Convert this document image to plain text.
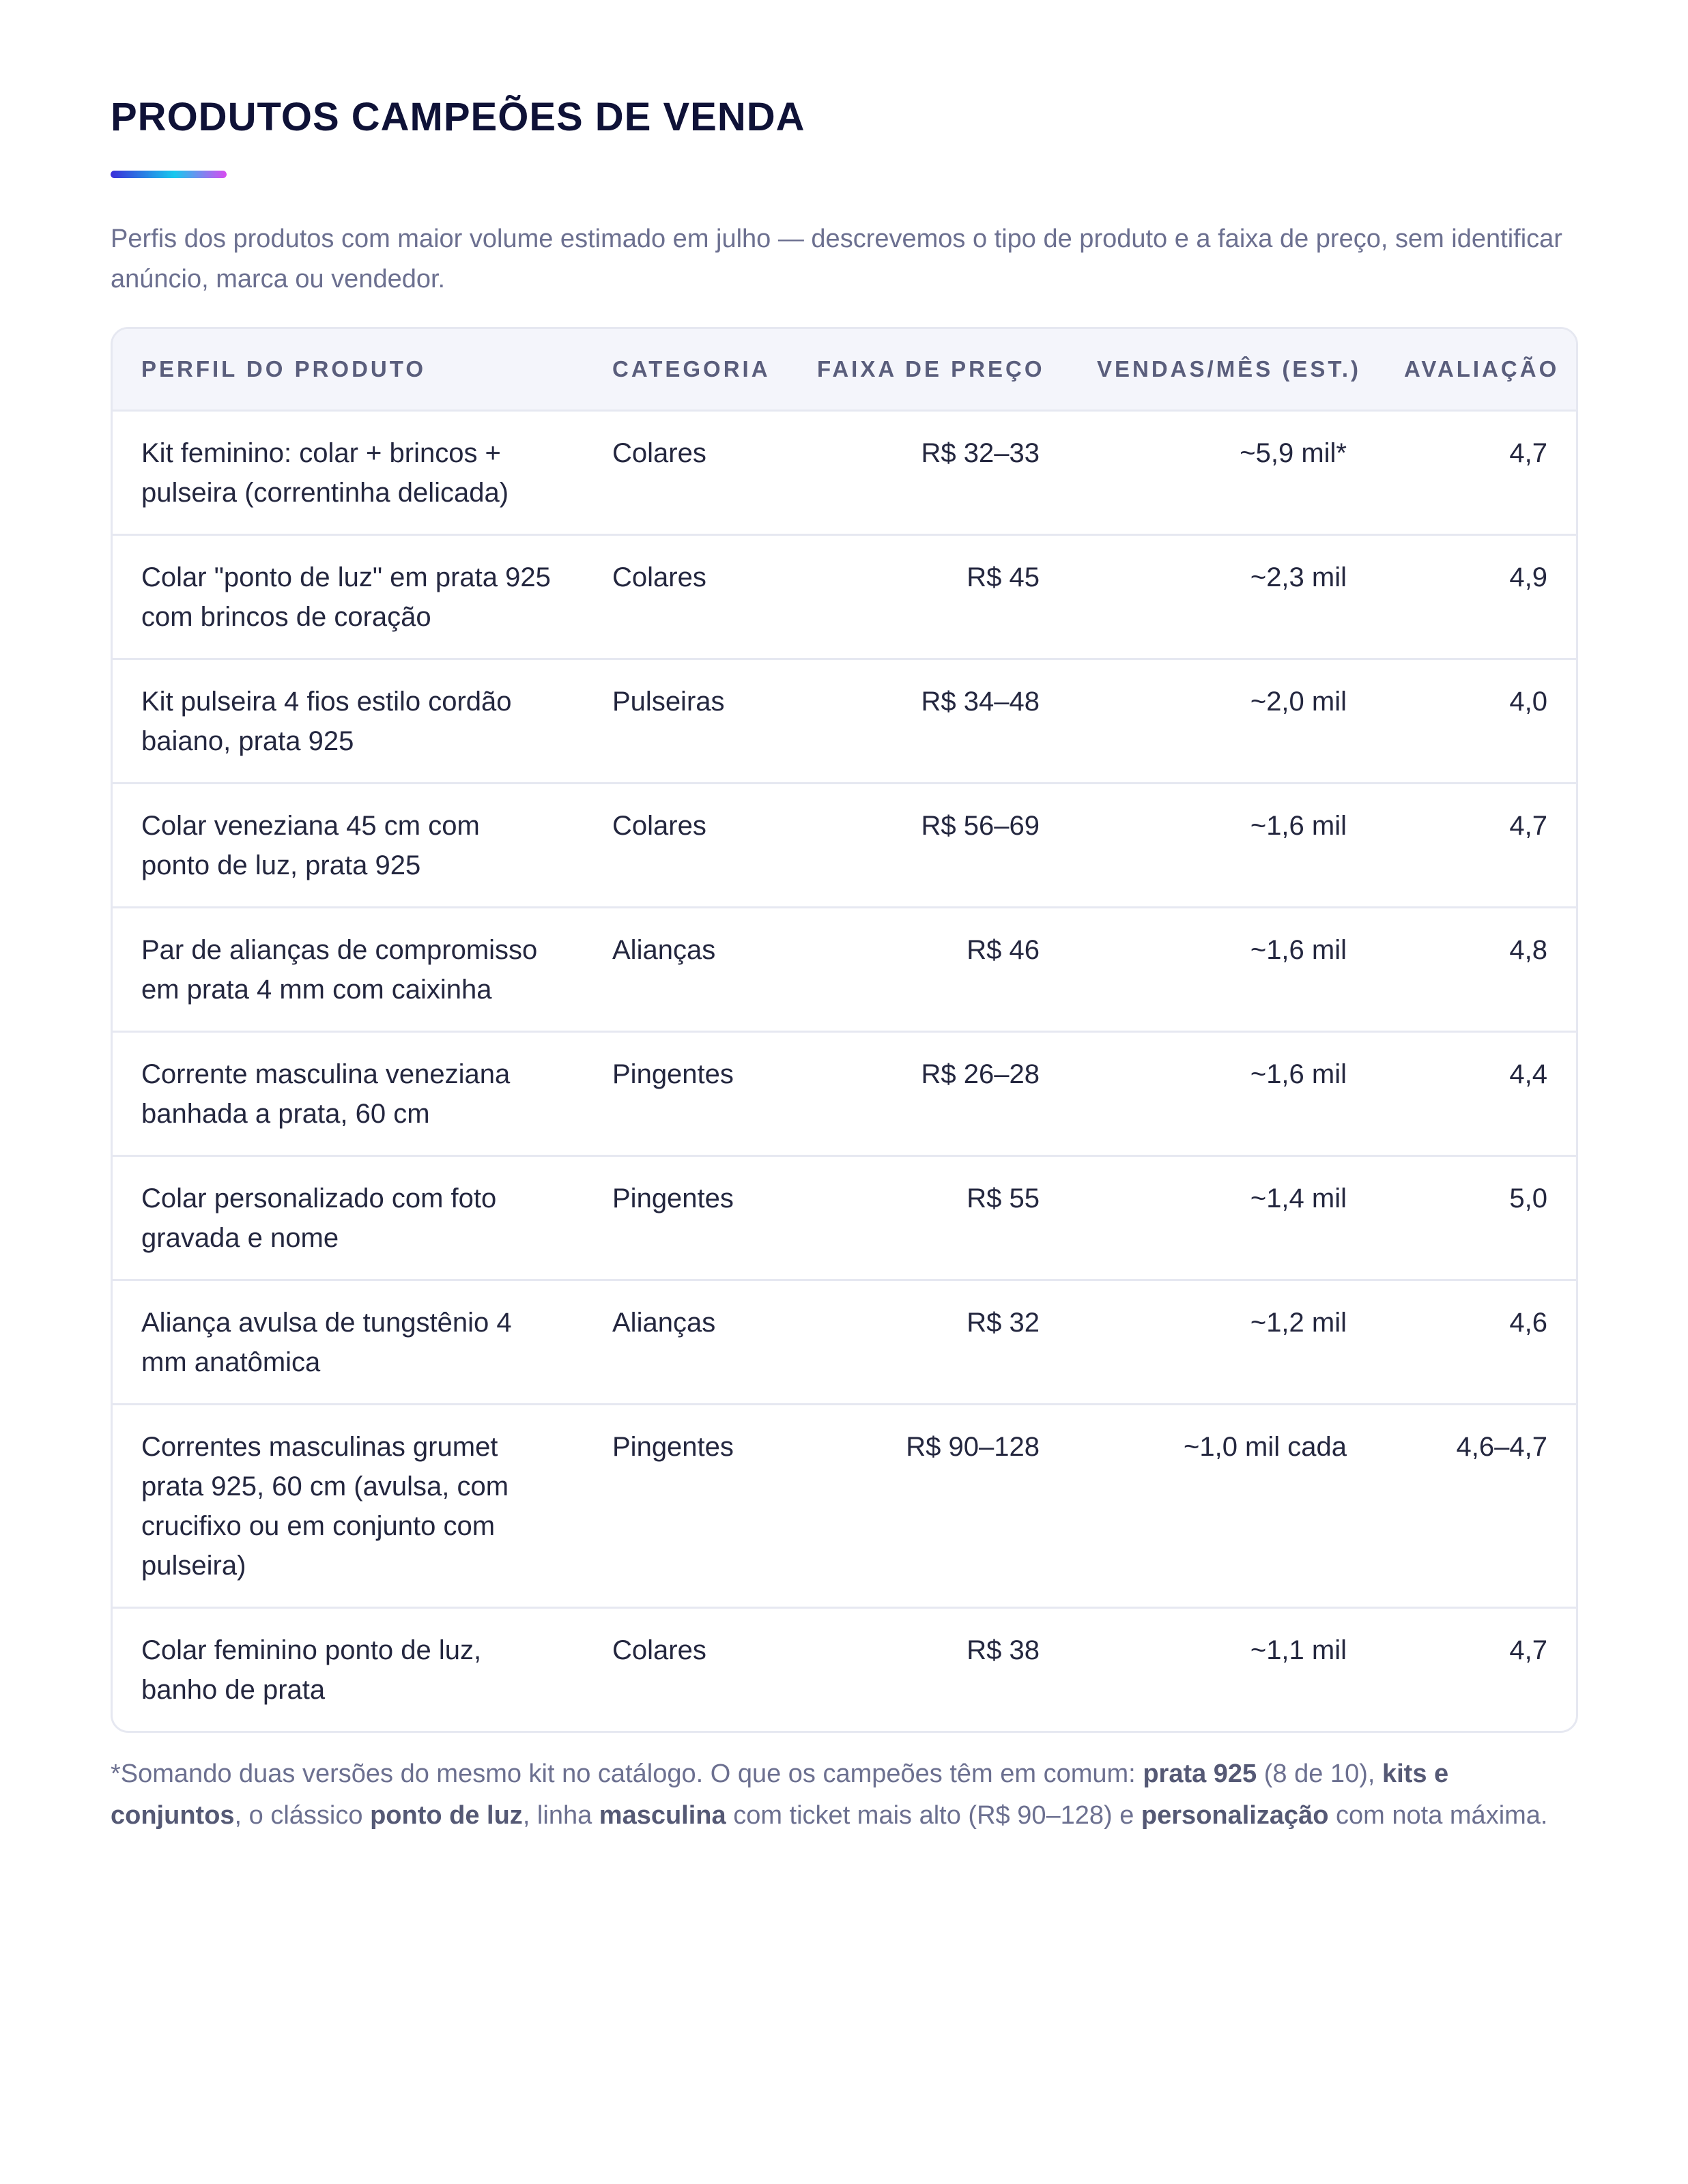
PRODUTOS CAMPEÕES DE VENDA

Perfis dos produtos com maior volume estimado em julho — descrevemos o tipo de produto e a faixa de preço, sem identificar anúncio, marca ou vendedor.

PERFIL DO PRODUTO	CATEGORIA	FAIXA DE PREÇO	VENDAS/MÊS (EST.)	AVALIAÇÃO
Kit feminino: colar + brincos + pulseira (correntinha delicada)	Colares	R$ 32–33	~5,9 mil*	4,7
Colar "ponto de luz" em prata 925 com brincos de coração	Colares	R$ 45	~2,3 mil	4,9
Kit pulseira 4 fios estilo cordão baiano, prata 925	Pulseiras	R$ 34–48	~2,0 mil	4,0
Colar veneziana 45 cm com ponto de luz, prata 925	Colares	R$ 56–69	~1,6 mil	4,7
Par de alianças de compromisso em prata 4 mm com caixinha	Alianças	R$ 46	~1,6 mil	4,8
Corrente masculina veneziana banhada a prata, 60 cm	Pingentes	R$ 26–28	~1,6 mil	4,4
Colar personalizado com foto gravada e nome	Pingentes	R$ 55	~1,4 mil	5,0
Aliança avulsa de tungstênio 4 mm anatômica	Alianças	R$ 32	~1,2 mil	4,6
Correntes masculinas grumet prata 925, 60 cm (avulsa, com crucifixo ou em conjunto com pulseira)	Pingentes	R$ 90–128	~1,0 mil cada	4,6–4,7
Colar feminino ponto de luz, banho de prata	Colares	R$ 38	~1,1 mil	4,7

*Somando duas versões do mesmo kit no catálogo. O que os campeões têm em comum: prata 925 (8 de 10), kits e conjuntos, o clássico ponto de luz, linha masculina com ticket mais alto (R$ 90–128) e personalização com nota máxima.
